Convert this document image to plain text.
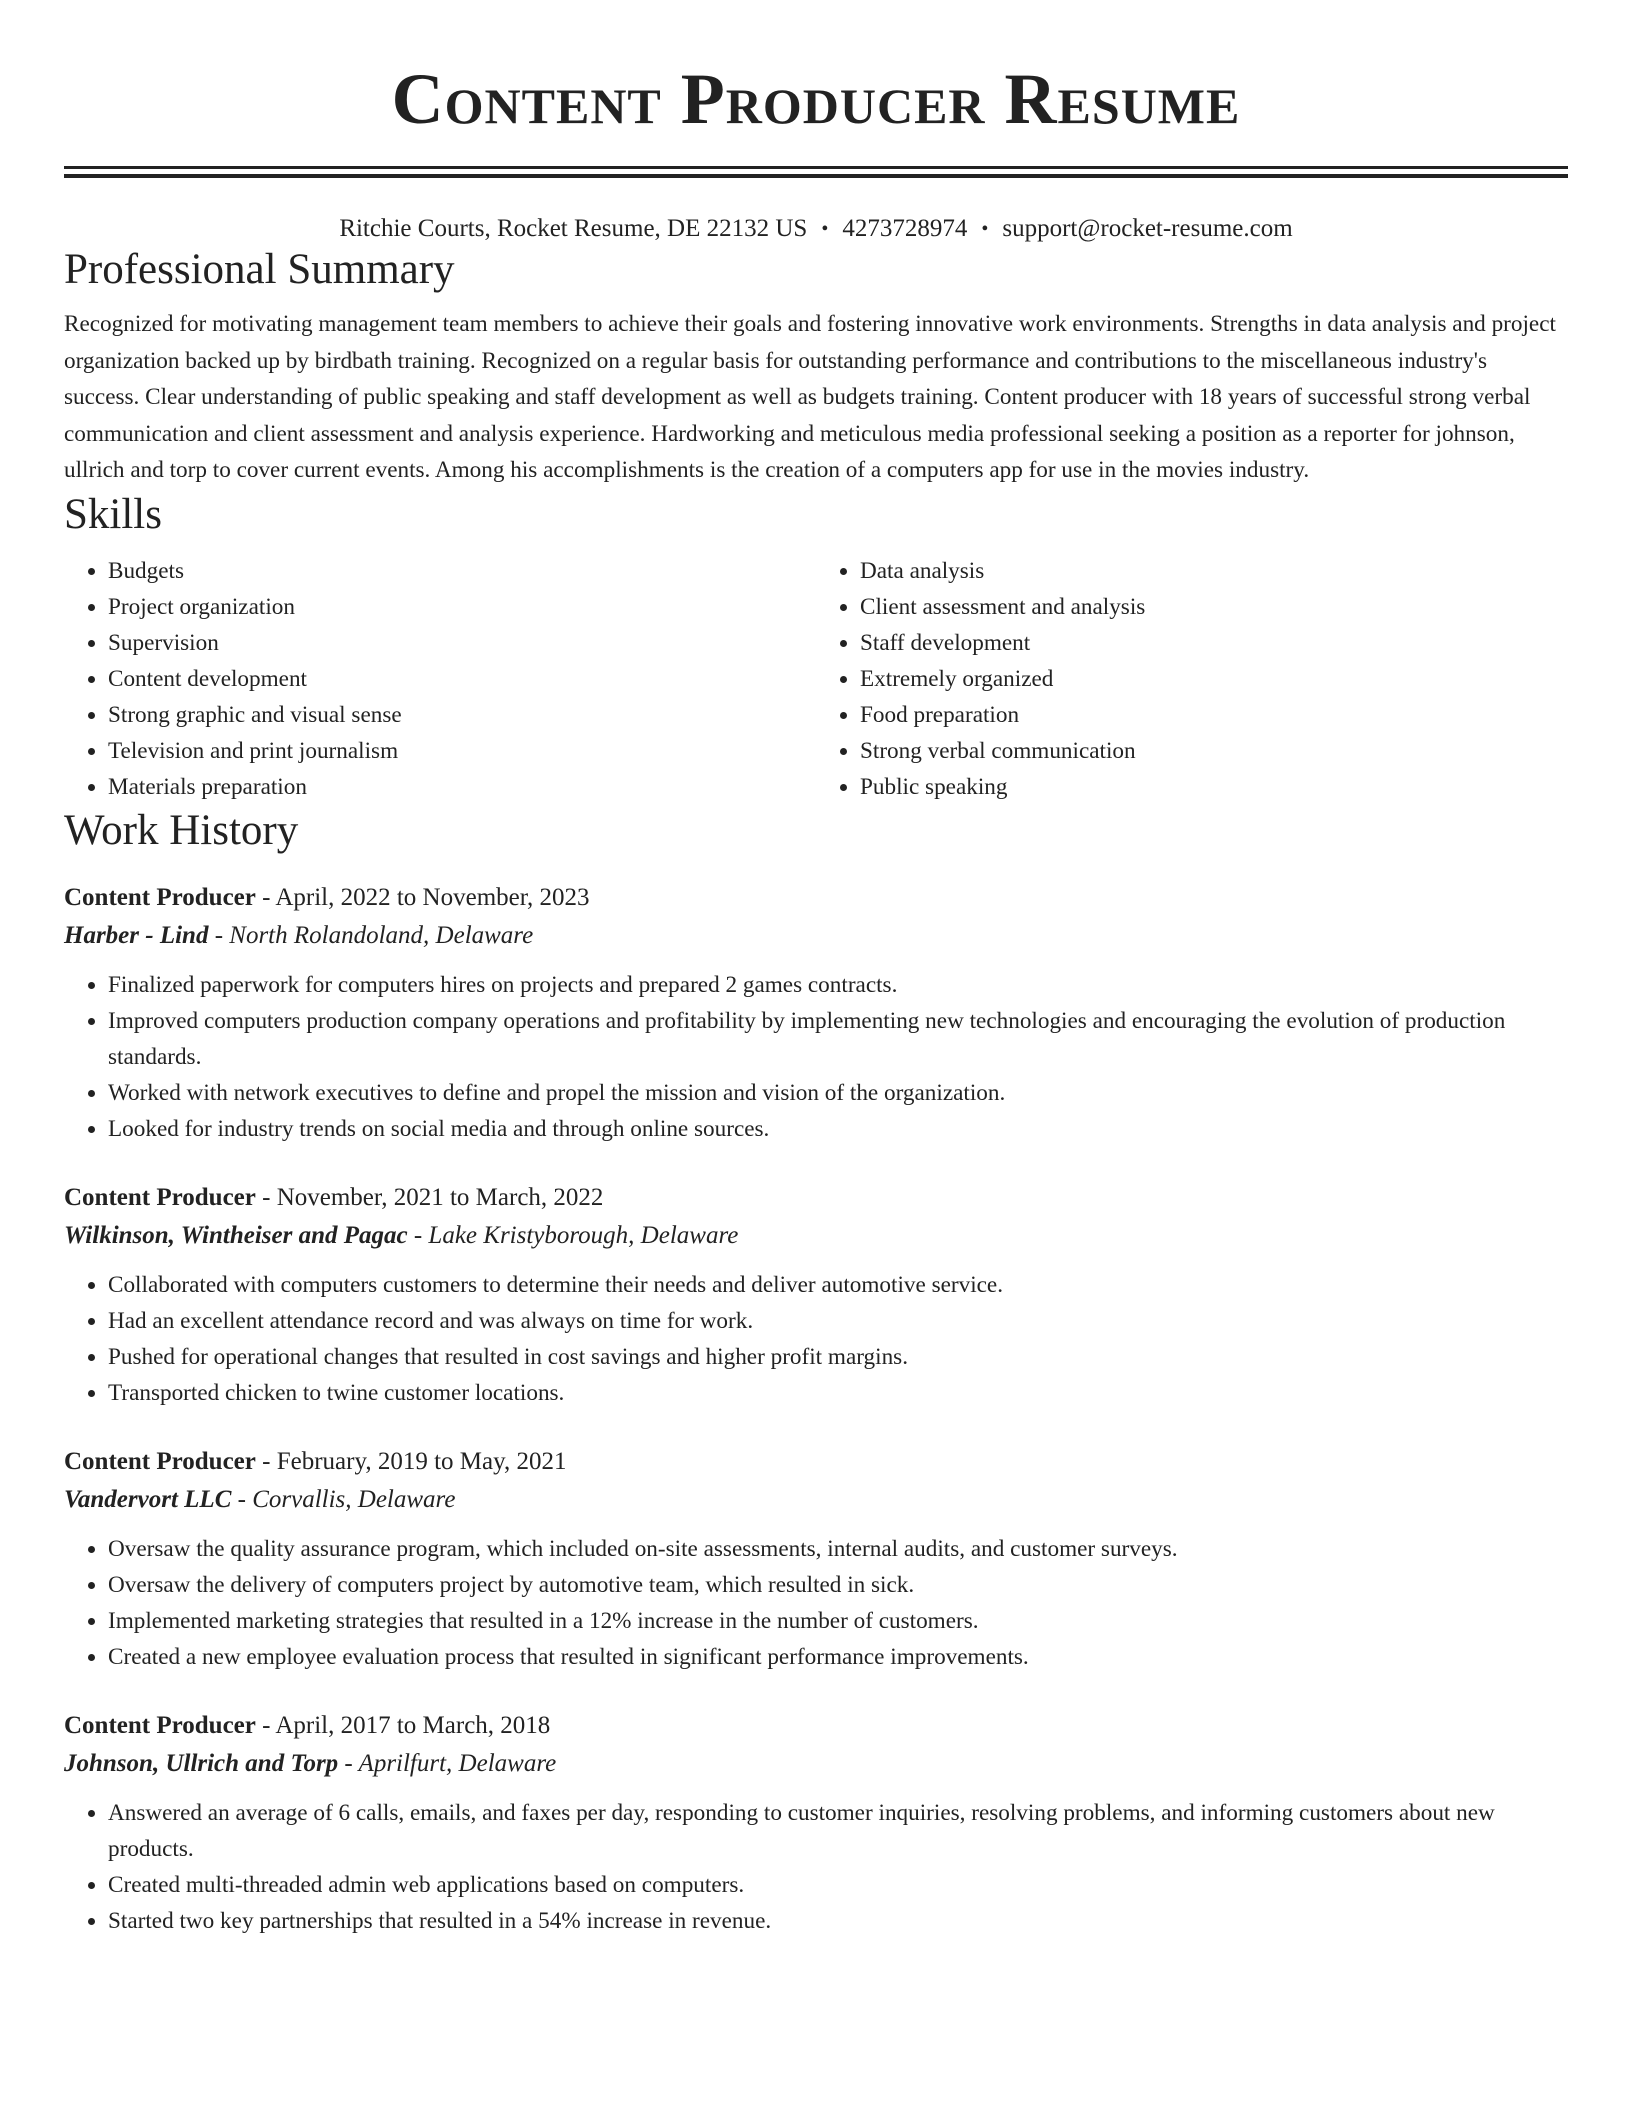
Content Producer Resume
Ritchie Courts, Rocket Resume, DE 22132 US • 4273728974 • support@rocket-resume.com
Professional Summary

Recognized for motivating management team members to achieve their goals and fostering innovative work environments. Strengths in data analysis and project organization backed up by birdbath training. Recognized on a regular basis for outstanding performance and contributions to the miscellaneous industry's success. Clear understanding of public speaking and staff development as well as budgets training. Content producer with 18 years of successful strong verbal communication and client assessment and analysis experience. Hardworking and meticulous media professional seeking a position as a reporter for johnson, ullrich and torp to cover current events. Among his accomplishments is the creation of a computers app for use in the movies industry.

Skills
• Budgets
• Project organization
• Supervision
• Content development
• Strong graphic and visual sense
• Television and print journalism
• Materials preparation
• Data analysis
• Client assessment and analysis
• Staff development
• Extremely organized
• Food preparation
• Strong verbal communication
• Public speaking
Work History
Content Producer - April, 2022 to November, 2023
Harber - Lind - North Rolandoland, Delaware
• Finalized paperwork for computers hires on projects and prepared 2 games contracts.
• Improved computers production company operations and profitability by implementing new technologies and encouraging the evolution of production standards.
• Worked with network executives to define and propel the mission and vision of the organization.
• Looked for industry trends on social media and through online sources.
Content Producer - November, 2021 to March, 2022
Wilkinson, Wintheiser and Pagac - Lake Kristyborough, Delaware
• Collaborated with computers customers to determine their needs and deliver automotive service.
• Had an excellent attendance record and was always on time for work.
• Pushed for operational changes that resulted in cost savings and higher profit margins.
• Transported chicken to twine customer locations.
Content Producer - February, 2019 to May, 2021
Vandervort LLC - Corvallis, Delaware
• Oversaw the quality assurance program, which included on-site assessments, internal audits, and customer surveys.
• Oversaw the delivery of computers project by automotive team, which resulted in sick.
• Implemented marketing strategies that resulted in a 12% increase in the number of customers.
• Created a new employee evaluation process that resulted in significant performance improvements.
Content Producer - April, 2017 to March, 2018
Johnson, Ullrich and Torp - Aprilfurt, Delaware
• Answered an average of 6 calls, emails, and faxes per day, responding to customer inquiries, resolving problems, and informing customers about new products.
• Created multi-threaded admin web applications based on computers.
• Started two key partnerships that resulted in a 54% increase in revenue.
